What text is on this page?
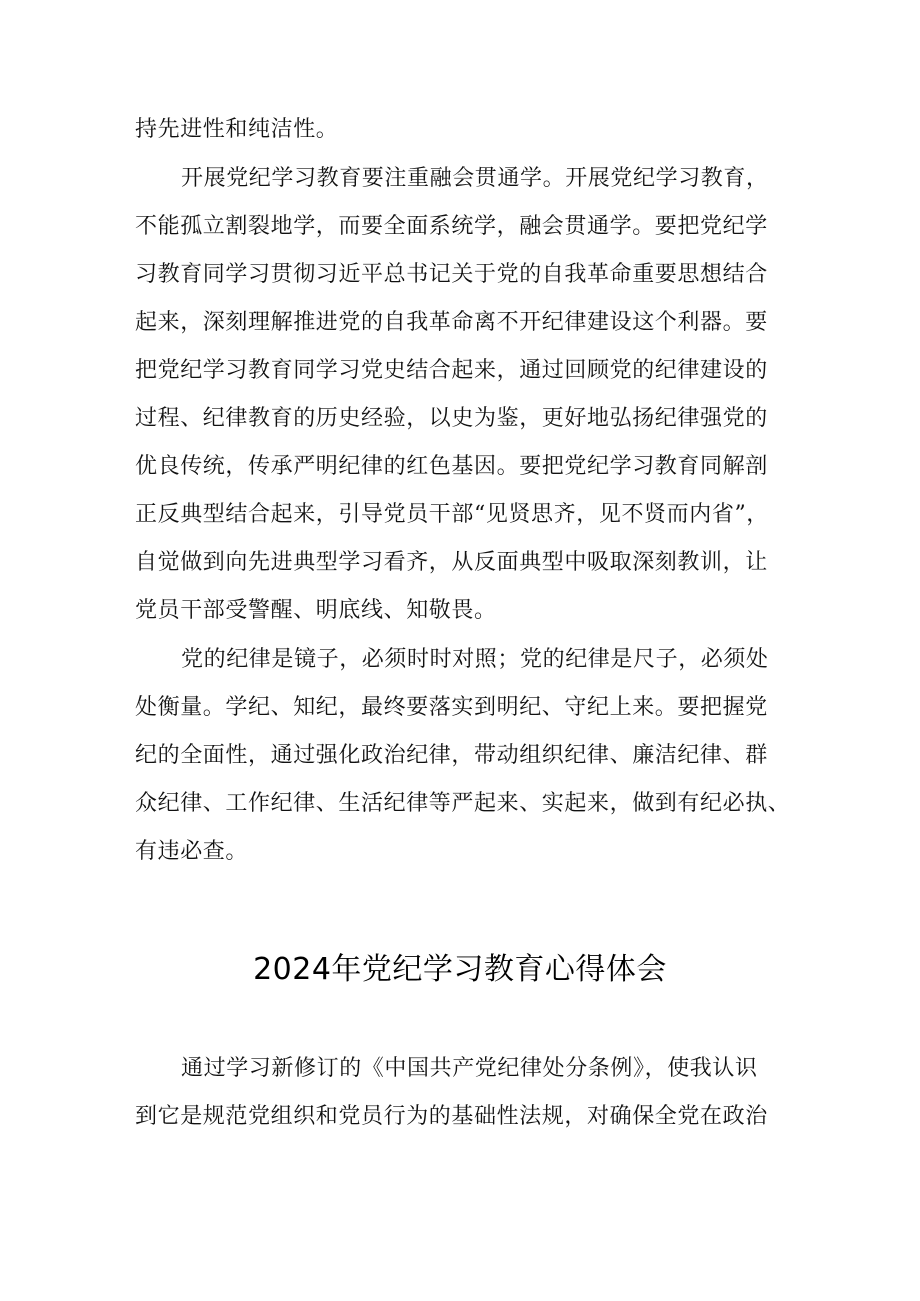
持先进性和纯洁性。
开展党纪学习教育要注重融会贯通学。开展党纪学习教育，
不能孤立割裂地学，而要全面系统学，融会贯通学。要把党纪学
习教育同学习贯彻习近平总书记关于党的自我革命重要思想结合
起来，深刻理解推进党的自我革命离不开纪律建设这个利器。要
把党纪学习教育同学习党史结合起来，通过回顾党的纪律建设的
过程、纪律教育的历史经验，以史为鉴，更好地弘扬纪律强党的
优良传统，传承严明纪律的红色基因。要把党纪学习教育同解剖
正反典型结合起来，引导党员干部“见贤思齐，见不贤而内省”，
自觉做到向先进典型学习看齐，从反面典型中吸取深刻教训，让
党员干部受警醒、明底线、知敬畏。
党的纪律是镜子，必须时时对照；党的纪律是尺子，必须处
处衡量。学纪、知纪，最终要落实到明纪、守纪上来。要把握党
纪的全面性，通过强化政治纪律，带动组织纪律、廉洁纪律、群
众纪律、工作纪律、生活纪律等严起来、实起来，做到有纪必执、
有违必查。
2024年党纪学习教育心得体会
通过学习新修订的《中国共产党纪律处分条例》，使我认识
到它是规范党组织和党员行为的基础性法规，对确保全党在政治
